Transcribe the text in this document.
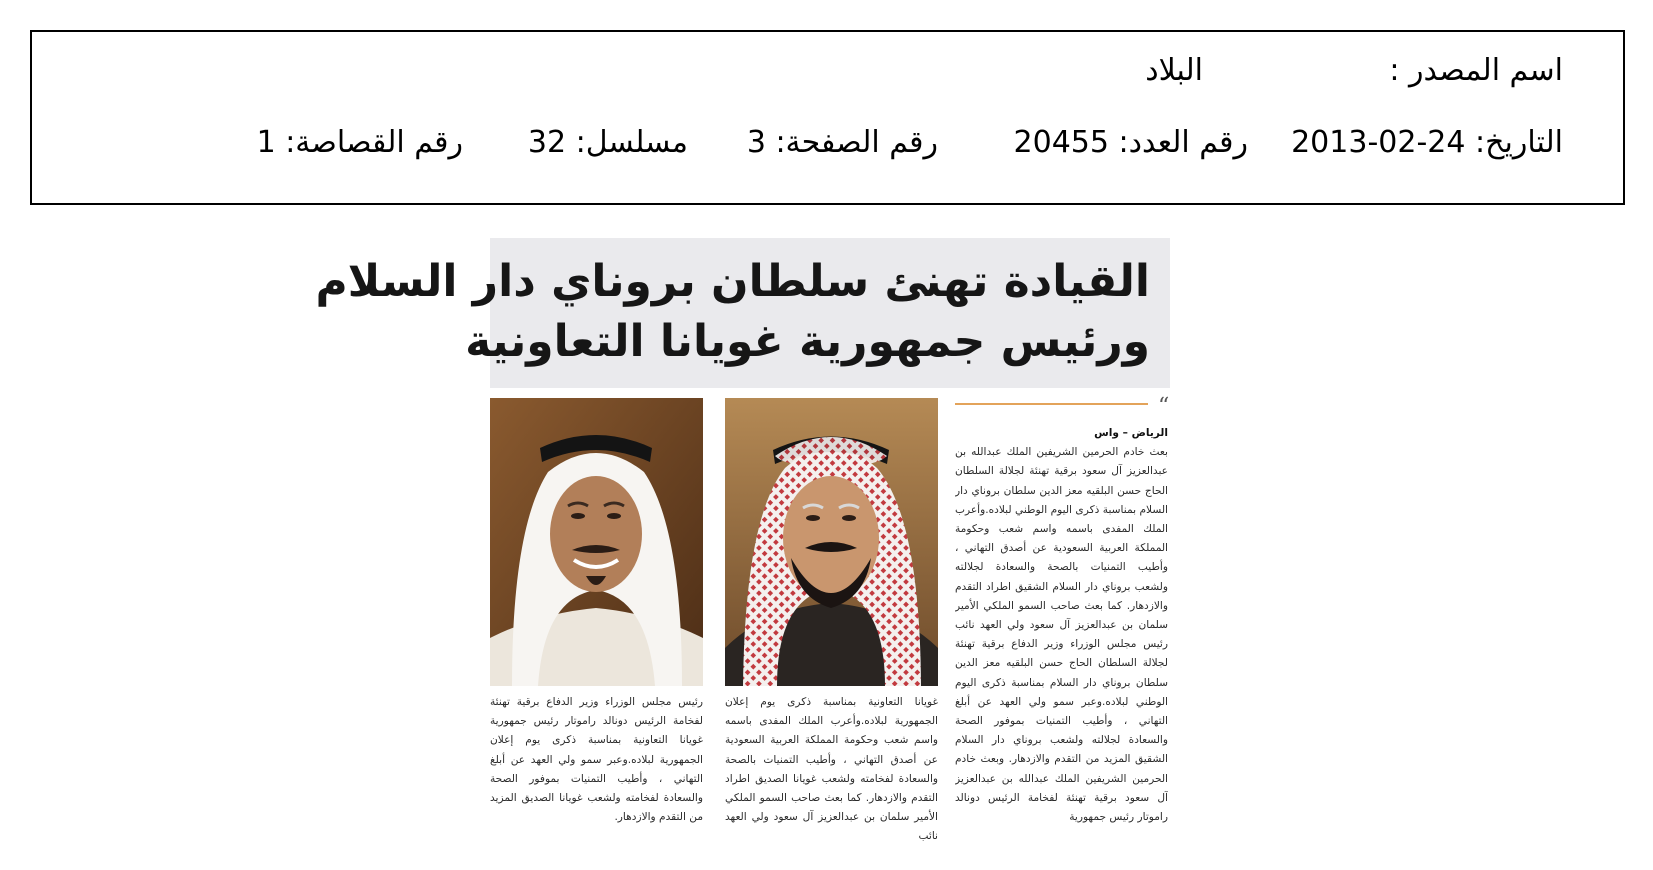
اسم المصدر :
البلاد
التاريخ: 24-02-2013
رقم العدد: 20455
رقم الصفحة: 3
مسلسل: 32
رقم القصاصة: 1
القيادة تهنئ سلطان بروناي دار السلام
ورئيس جمهورية غويانا التعاونية
“
الرياض – واس
بعث خادم الحرمين الشريفين الملك عبدالله بن عبدالعزيز آل سعود برقية تهنئة لجلالة السلطان الحاج حسن البلقيه معز الدين سلطان بروناي دار السلام بمناسبة ذكرى اليوم الوطني لبلاده.وأعرب الملك المفدى باسمه واسم شعب وحكومة المملكة العربية السعودية عن أصدق التهاني ، وأطيب التمنيات بالصحة والسعادة لجلالته ولشعب بروناي دار السلام الشقيق اطراد التقدم والازدهار. كما بعث صاحب السمو الملكي الأمير سلمان بن عبدالعزيز آل سعود ولي العهد نائب رئيس مجلس الوزراء وزير الدفاع برقية تهنئة لجلالة السلطان الحاج حسن البلقيه معز الدين سلطان بروناي دار السلام بمناسبة ذكرى اليوم الوطني لبلاده.وعبر سمو ولي العهد عن أبلغ التهاني ، وأطيب التمنيات بموفور الصحة والسعادة لجلالته ولشعب بروناي دار السلام الشقيق المزيد من التقدم والازدهار. وبعث خادم الحرمين الشريفين الملك عبدالله بن عبدالعزيز آل سعود برقية تهنئة لفخامة الرئيس دونالد راموتار رئيس جمهورية
غويانا التعاونية بمناسبة ذكرى يوم إعلان الجمهورية لبلاده.وأعرب الملك المفدى باسمه واسم شعب وحكومة المملكة العربية السعودية عن أصدق التهاني ، وأطيب التمنيات بالصحة والسعادة لفخامته ولشعب غويانا الصديق اطراد التقدم والازدهار. كما بعث صاحب السمو الملكي الأمير سلمان بن عبدالعزيز آل سعود ولي العهد نائب
رئيس مجلس الوزراء وزير الدفاع برقية تهنئة لفخامة الرئيس دونالد راموتار رئيس جمهورية غويانا التعاونية بمناسبة ذكرى يوم إعلان الجمهورية لبلاده.وعبر سمو ولي العهد عن أبلغ التهاني ، وأطيب التمنيات بموفور الصحة والسعادة لفخامته ولشعب غويانا الصديق المزيد من التقدم والازدهار.
